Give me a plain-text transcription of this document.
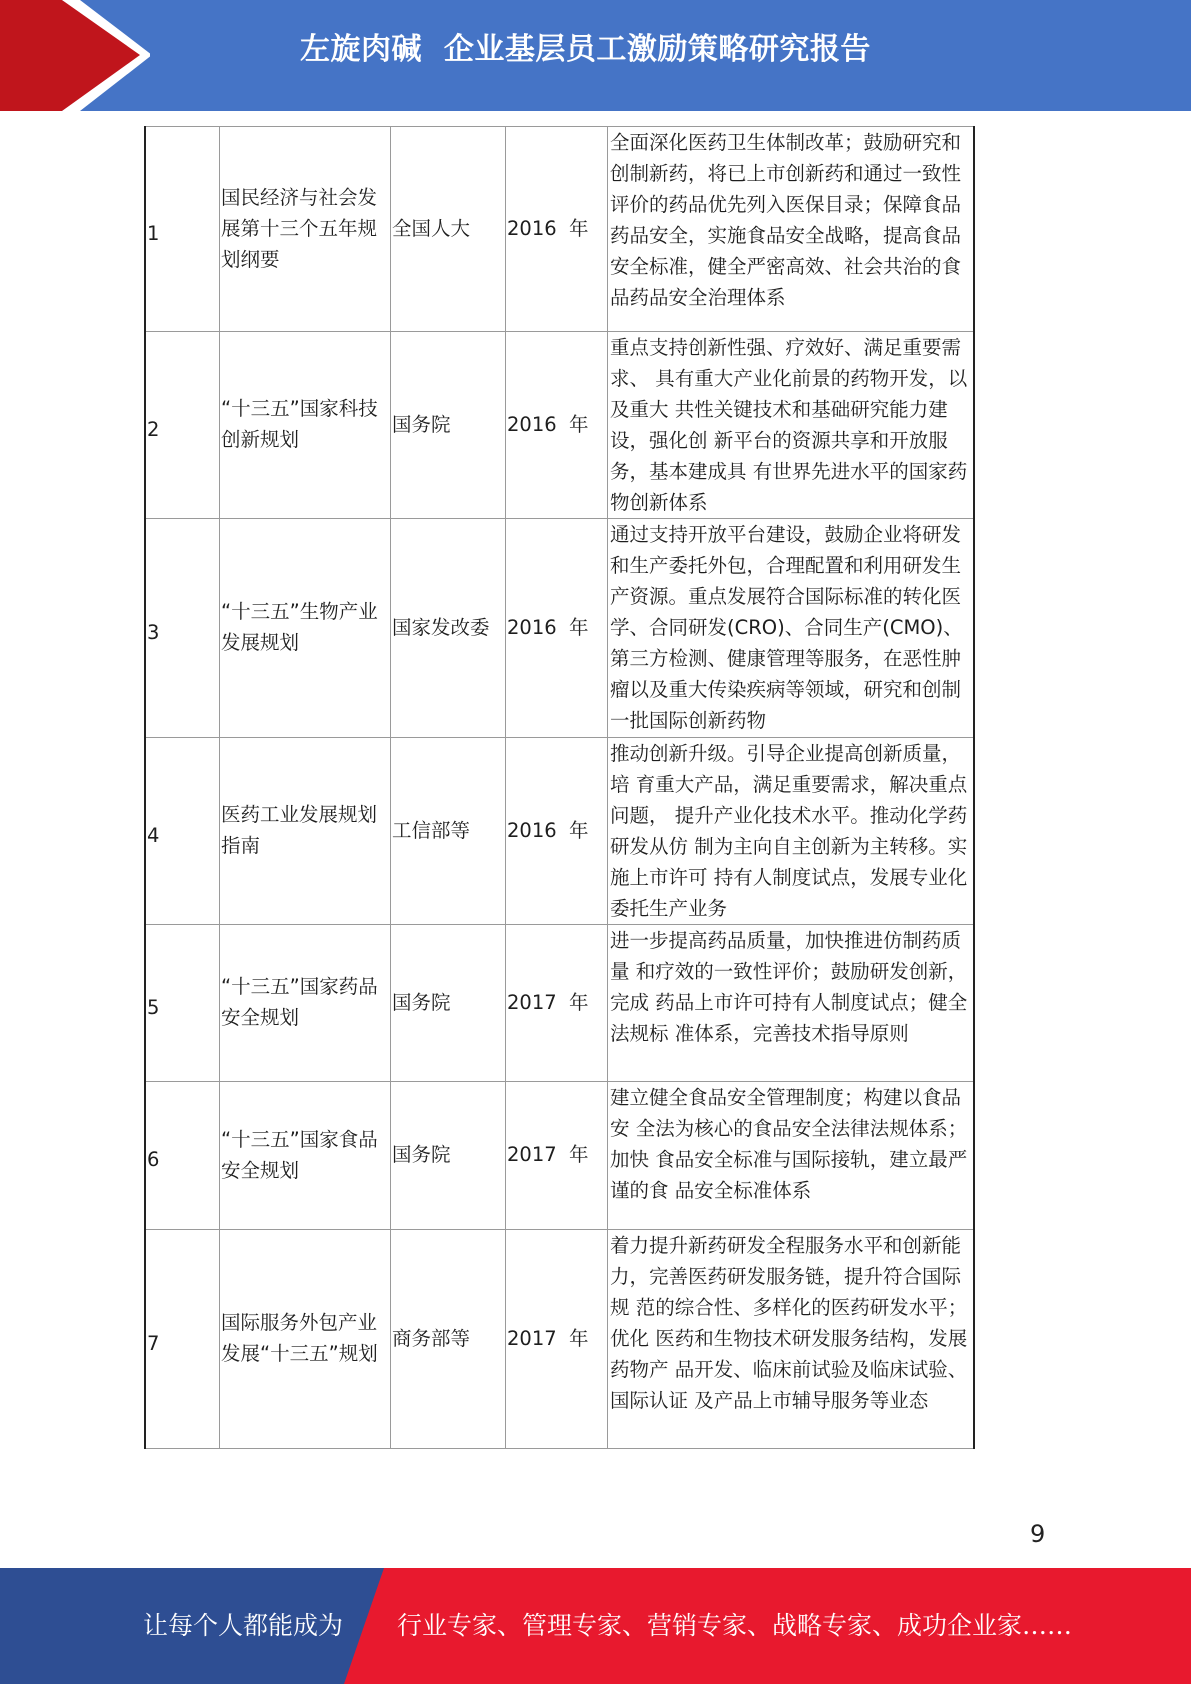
左旋肉碱  企业基层员工激励策略研究报告
1	国民经济与社会发展第十三个五年规划纲要	全国人大	2016  年	全面深化医药卫生体制改革；鼓励研究和 创制新药，将已上市创新药和通过一致性 评价的药品优先列入医保目录；保障食品 药品安全，实施食品安全战略，提高食品 安全标准，健全严密高效、社会共治的食 品药品安全治理体系

2	“十三五”国家科技创新规划	国务院	2016  年	重点支持创新性强、疗效好、满足重要需求、 具有重大产业化前景的药物开发，以及重大 共性关键技术和基础研究能力建设，强化创 新平台的资源共享和开放服务，基本建成具 有世界先进水平的国家药物创新体系

3	“十三五”生物产业发展规划	国家发改委	2016  年	通过支持开放平台建设，鼓励企业将研发 和生产委托外包，合理配置和利用研发生 产资源。重点发展符合国际标准的转化医 学、合同研发(CRO)、合同生产(CMO)、 第三方检测、健康管理等服务，在恶性肿 瘤以及重大传染疾病等领域，研究和创制 一批国际创新药物

4	医药工业发展规划指南	工信部等	2016  年	推动创新升级。引导企业提高创新质量，培 育重大产品，满足重要需求，解决重点问题， 提升产业化技术水平。推动化学药研发从仿 制为主向自主创新为主转移。实施上市许可 持有人制度试点，发展专业化委托生产业务

5	“十三五”国家药品安全规划	国务院	2017  年	进一步提高药品质量，加快推进仿制药质量 和疗效的一致性评价；鼓励研发创新，完成 药品上市许可持有人制度试点；健全法规标 准体系，完善技术指导原则

6	“十三五”国家食品安全规划	国务院	2017  年	建立健全食品安全管理制度；构建以食品安 全法为核心的食品安全法律法规体系；加快 食品安全标准与国际接轨，建立最严谨的食 品安全标准体系

7	国际服务外包产业发展“十三五”规划	商务部等	2017  年	着力提升新药研发全程服务水平和创新能 力，完善医药研发服务链，提升符合国际规 范的综合性、多样化的医药研发水平；优化 医药和生物技术研发服务结构，发展药物产 品开发、临床前试验及临床试验、国际认证 及产品上市辅导服务等业态
9
让每个人都能成为 行业专家、管理专家、营销专家、战略专家、成功企业家……
